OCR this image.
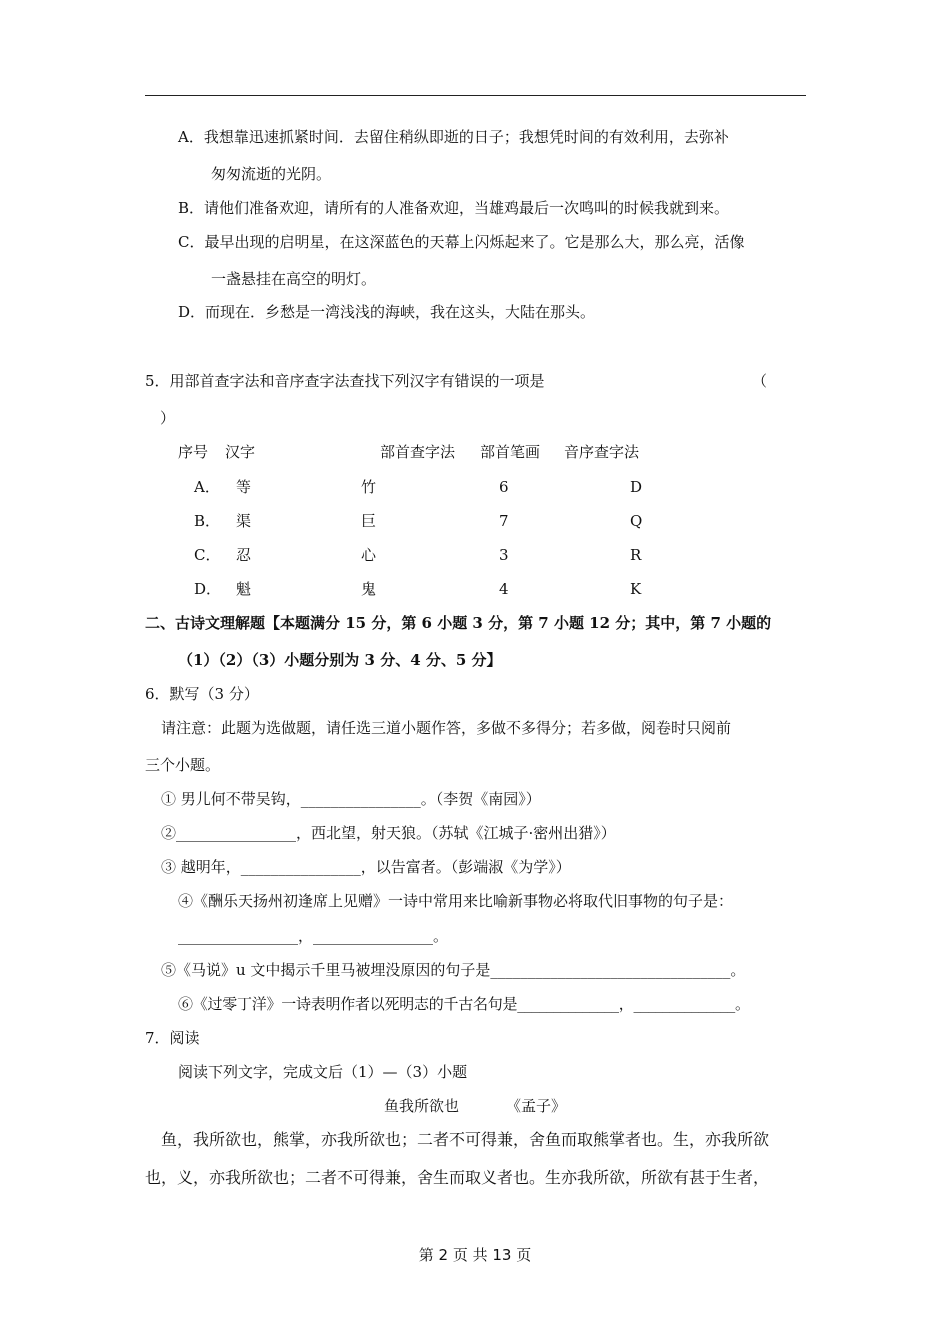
A．我想靠迅速抓紧时间．去留住稍纵即逝的日子；我想凭时间的有效利用，去弥补
匆匆流逝的光阴。
B．请他们准备欢迎，请所有的人准备欢迎，当雄鸡最后一次鸣叫的时候我就到来。
C．最早出现的启明星，在这深蓝色的天幕上闪烁起来了。它是那么大，那么亮，活像
一盏悬挂在高空的明灯。
D．而现在．乡愁是一湾浅浅的海峡，我在这头，大陆在那头。
5．用部首查字法和音序查字法查找下列汉字有错误的一项是	（
）
序号 汉字	部首查字法 部首笔画 音序查字法
A． 等	竹	6	D
B． 渠	巨	7	Q
C． 忍	心	3	R
D． 魁	鬼	4	K
二、古诗文理解题【本题满分 15 分，第 6 小题 3 分，第 7 小题 12 分；其中，第 7 小题的
（1）（2）（3）小题分别为 3 分、4 分、5 分】
6．默写（3 分）
请注意：此题为选做题，请任选三道小题作答，多做不多得分；若多做，阅卷时只阅前
三个小题。
① 男儿何不带吴钩，________________。（李贺《南园》）
②________________，西北望，射天狼。（苏轼《江城子·密州出猎》）
③ 越明年，________________，以告富者。（彭端淑《为学》）
④《酬乐天扬州初逢席上见赠》一诗中常用来比喻新事物必将取代旧事物的句子是：
________________，________________。
⑤《马说》u 文中揭示千里马被埋没原因的句子是________________________________。
⑥《过零丁洋》一诗表明作者以死明志的千古名句是______________，______________。
7．阅读
阅读下列文字，完成文后（1）—（3）小题
鱼我所欲也	《孟子》
鱼，我所欲也，熊掌，亦我所欲也；二者不可得兼，舍鱼而取熊掌者也。生，亦我所欲
也，义，亦我所欲也；二者不可得兼，舍生而取义者也。生亦我所欲，所欲有甚于生者，
第 2 页 共 13 页
